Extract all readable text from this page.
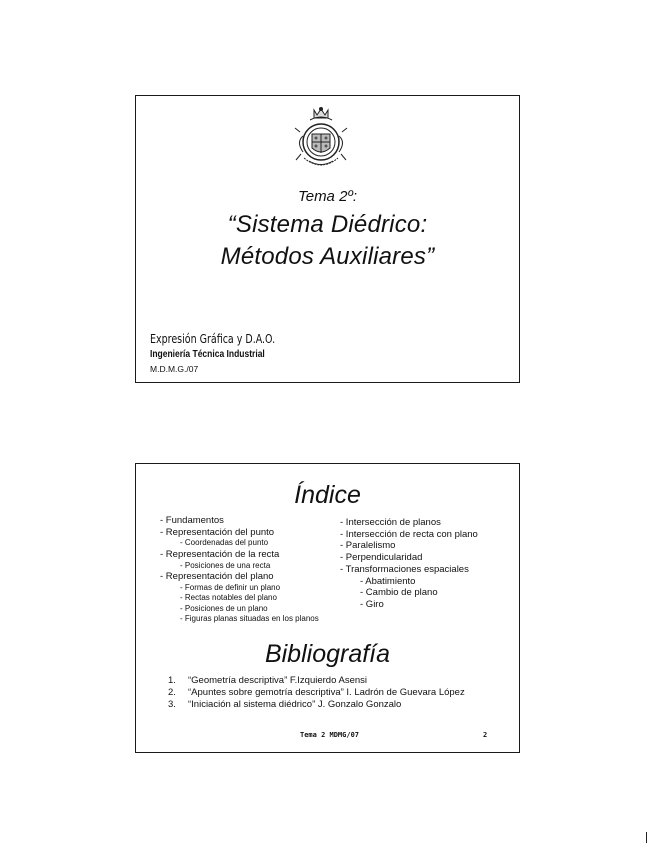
Tema 2º:
“Sistema Diédrico:
Métodos Auxiliares”
Expresión Gráfica y D.A.O.
Ingeniería Técnica Industrial
M.D.M.G./07
Índice
- Fundamentos
- Representación del punto
- Coordenadas del punto
- Representación de la recta
- Posiciones de una recta
- Representación del plano
- Formas de definir un plano
- Rectas notables del plano
- Posiciones de un plano
- Figuras planas situadas en los planos
- Intersección de planos
- Intersección de recta con plano
- Paralelismo
- Perpendicularidad
- Transformaciones espaciales
- Abatimiento
- Cambio de plano
- Giro
Bibliografía
1.	“Geometría descriptiva” F.Izquierdo Asensi
2.	“Apuntes sobre gemotría descriptiva” I. Ladrón de Guevara López
3.	“Iniciación al sistema diédrico” J. Gonzalo Gonzalo
Tema 2 MDMG/07	2
